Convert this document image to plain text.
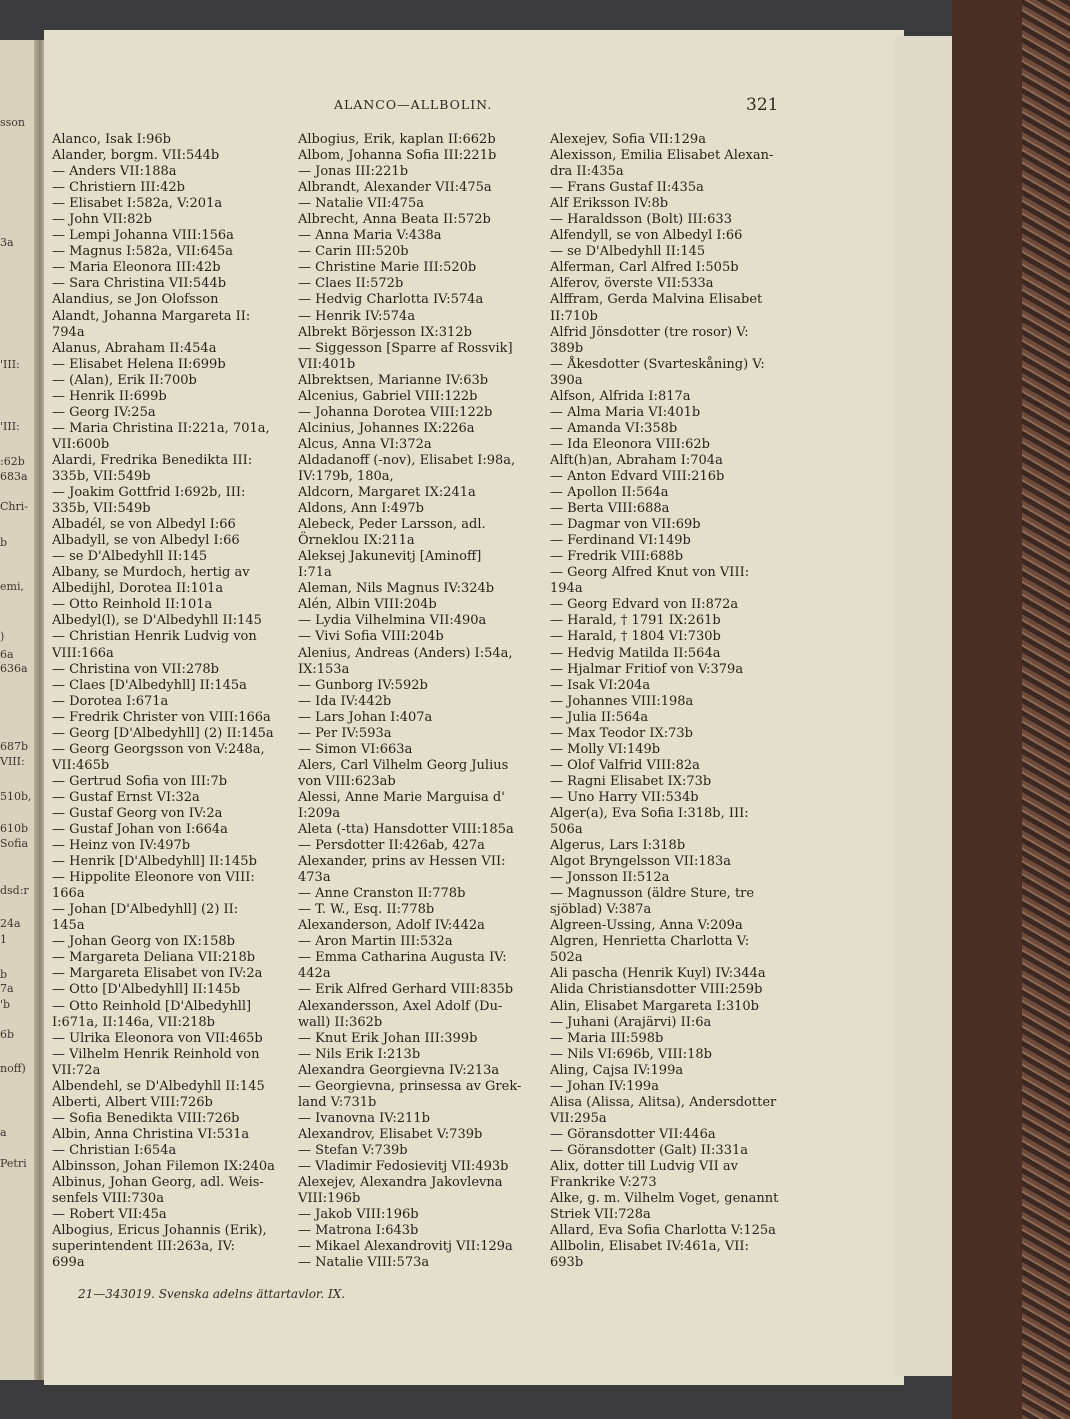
sson
3a
'III:
'III:
:62b
683a
Chri-
b
emi,
)
6a
636a
687b
VIII:
510b,
610b
Sofia
dsd:r
24a
1
b
7a
'b
6b
noff)
a
Petri
ALANCO—ALLBOLIN.	321
Alanco, Isak I:96b
Alander, borgm. VII:544b
— Anders VII:188a
— Christiern III:42b
— Elisabet I:582a, V:201a
— John VII:82b
— Lempi Johanna VIII:156a
— Magnus I:582a, VII:645a
— Maria Eleonora III:42b
— Sara Christina VII:544b
Alandius, se Jon Olofsson
Alandt, Johanna Margareta II:
794a
Alanus, Abraham II:454a
— Elisabet Helena II:699b
— (Alan), Erik II:700b
— Henrik II:699b
— Georg IV:25a
— Maria Christina II:221a, 701a,
VII:600b
Alardi, Fredrika Benedikta III:
335b, VII:549b
— Joakim Gottfrid I:692b, III:
335b, VII:549b
Albadél, se von Albedyl I:66
Albadyll, se von Albedyl I:66
— se D'Albedyhll II:145
Albany, se Murdoch, hertig av
Albedijhl, Dorotea II:101a
— Otto Reinhold II:101a
Albedyl(l), se D'Albedyhll II:145
— Christian Henrik Ludvig von
VIII:166a
— Christina von VII:278b
— Claes [D'Albedyhll] II:145a
— Dorotea I:671a
— Fredrik Christer von VIII:166a
— Georg [D'Albedyhll] (2) II:145a
— Georg Georgsson von V:248a,
VII:465b
— Gertrud Sofia von III:7b
— Gustaf Ernst VI:32a
— Gustaf Georg von IV:2a
— Gustaf Johan von I:664a
— Heinz von IV:497b
— Henrik [D'Albedyhll] II:145b
— Hippolite Eleonore von VIII:
166a
— Johan [D'Albedyhll] (2) II:
145a
— Johan Georg von IX:158b
— Margareta Deliana VII:218b
— Margareta Elisabet von IV:2a
— Otto [D'Albedyhll] II:145b
— Otto Reinhold [D'Albedyhll]
I:671a, II:146a, VII:218b
— Ulrika Eleonora von VII:465b
— Vilhelm Henrik Reinhold von
VII:72a
Albendehl, se D'Albedyhll II:145
Alberti, Albert VIII:726b
— Sofia Benedikta VIII:726b
Albin, Anna Christina VI:531a
— Christian I:654a
Albinsson, Johan Filemon IX:240a
Albinus, Johan Georg, adl. Weis-
senfels VIII:730a
— Robert VII:45a
Albogius, Ericus Johannis (Erik),
superintendent III:263a, IV:
699a
Albogius, Erik, kaplan II:662b
Albom, Johanna Sofia III:221b
— Jonas III:221b
Albrandt, Alexander VII:475a
— Natalie VII:475a
Albrecht, Anna Beata II:572b
— Anna Maria V:438a
— Carin III:520b
— Christine Marie III:520b
— Claes II:572b
— Hedvig Charlotta IV:574a
— Henrik IV:574a
Albrekt Börjesson IX:312b
— Siggesson [Sparre af Rossvik]
VII:401b
Albrektsen, Marianne IV:63b
Alcenius, Gabriel VIII:122b
— Johanna Dorotea VIII:122b
Alcinius, Johannes IX:226a
Alcus, Anna VI:372a
Aldadanoff (-nov), Elisabet I:98a,
IV:179b, 180a,
Aldcorn, Margaret IX:241a
Aldons, Ann I:497b
Alebeck, Peder Larsson, adl.
Örneklou IX:211a
Aleksej Jakunevitj [Aminoff]
I:71a
Aleman, Nils Magnus IV:324b
Alén, Albin VIII:204b
— Lydia Vilhelmina VII:490a
— Vivi Sofia VIII:204b
Alenius, Andreas (Anders) I:54a,
IX:153a
— Gunborg IV:592b
— Ida IV:442b
— Lars Johan I:407a
— Per IV:593a
— Simon VI:663a
Alers, Carl Vilhelm Georg Julius
von VIII:623ab
Alessi, Anne Marie Marguisa d'
I:209a
Aleta (-tta) Hansdotter VIII:185a
— Persdotter II:426ab, 427a
Alexander, prins av Hessen VII:
473a
— Anne Cranston II:778b
— T. W., Esq. II:778b
Alexanderson, Adolf IV:442a
— Aron Martin III:532a
— Emma Catharina Augusta IV:
442a
— Erik Alfred Gerhard VIII:835b
Alexandersson, Axel Adolf (Du-
wall) II:362b
— Knut Erik Johan III:399b
— Nils Erik I:213b
Alexandra Georgievna IV:213a
— Georgievna, prinsessa av Grek-
land V:731b
— Ivanovna IV:211b
Alexandrov, Elisabet V:739b
— Stefan V:739b
— Vladimir Fedosievitj VII:493b
Alexejev, Alexandra Jakovlevna
VIII:196b
— Jakob VIII:196b
— Matrona I:643b
— Mikael Alexandrovitj VII:129a
— Natalie VIII:573a
Alexejev, Sofia VII:129a
Alexisson, Emilia Elisabet Alexan-
dra II:435a
— Frans Gustaf II:435a
Alf Eriksson IV:8b
— Haraldsson (Bolt) III:633
Alfendyll, se von Albedyl I:66
— se D'Albedyhll II:145
Alferman, Carl Alfred I:505b
Alferov, överste VII:533a
Alffram, Gerda Malvina Elisabet
II:710b
Alfrid Jönsdotter (tre rosor) V:
389b
— Åkesdotter (Svarteskåning) V:
390a
Alfson, Alfrida I:817a
— Alma Maria VI:401b
— Amanda VI:358b
— Ida Eleonora VIII:62b
Alft(h)an, Abraham I:704a
— Anton Edvard VIII:216b
— Apollon II:564a
— Berta VIII:688a
— Dagmar von VII:69b
— Ferdinand VI:149b
— Fredrik VIII:688b
— Georg Alfred Knut von VIII:
194a
— Georg Edvard von II:872a
— Harald, † 1791 IX:261b
— Harald, † 1804 VI:730b
— Hedvig Matilda II:564a
— Hjalmar Fritiof von V:379a
— Isak VI:204a
— Johannes VIII:198a
— Julia II:564a
— Max Teodor IX:73b
— Molly VI:149b
— Olof Valfrid VIII:82a
— Ragni Elisabet IX:73b
— Uno Harry VII:534b
Alger(a), Eva Sofia I:318b, III:
506a
Algerus, Lars I:318b
Algot Bryngelsson VII:183a
— Jonsson II:512a
— Magnusson (äldre Sture, tre
sjöblad) V:387a
Algreen-Ussing, Anna V:209a
Algren, Henrietta Charlotta V:
502a
Ali pascha (Henrik Kuyl) IV:344a
Alida Christiansdotter VIII:259b
Alin, Elisabet Margareta I:310b
— Juhani (Arajärvi) II:6a
— Maria III:598b
— Nils VI:696b, VIII:18b
Aling, Cajsa IV:199a
— Johan IV:199a
Alisa (Alissa, Alitsa), Andersdotter
VII:295a
— Göransdotter VII:446a
— Göransdotter (Galt) II:331a
Alix, dotter till Ludvig VII av
Frankrike V:273
Alke, g. m. Vilhelm Voget, genannt
Striek VII:728a
Allard, Eva Sofia Charlotta V:125a
Allbolin, Elisabet IV:461a, VII:
693b
21—343019. Svenska adelns ättartavlor. IX.
